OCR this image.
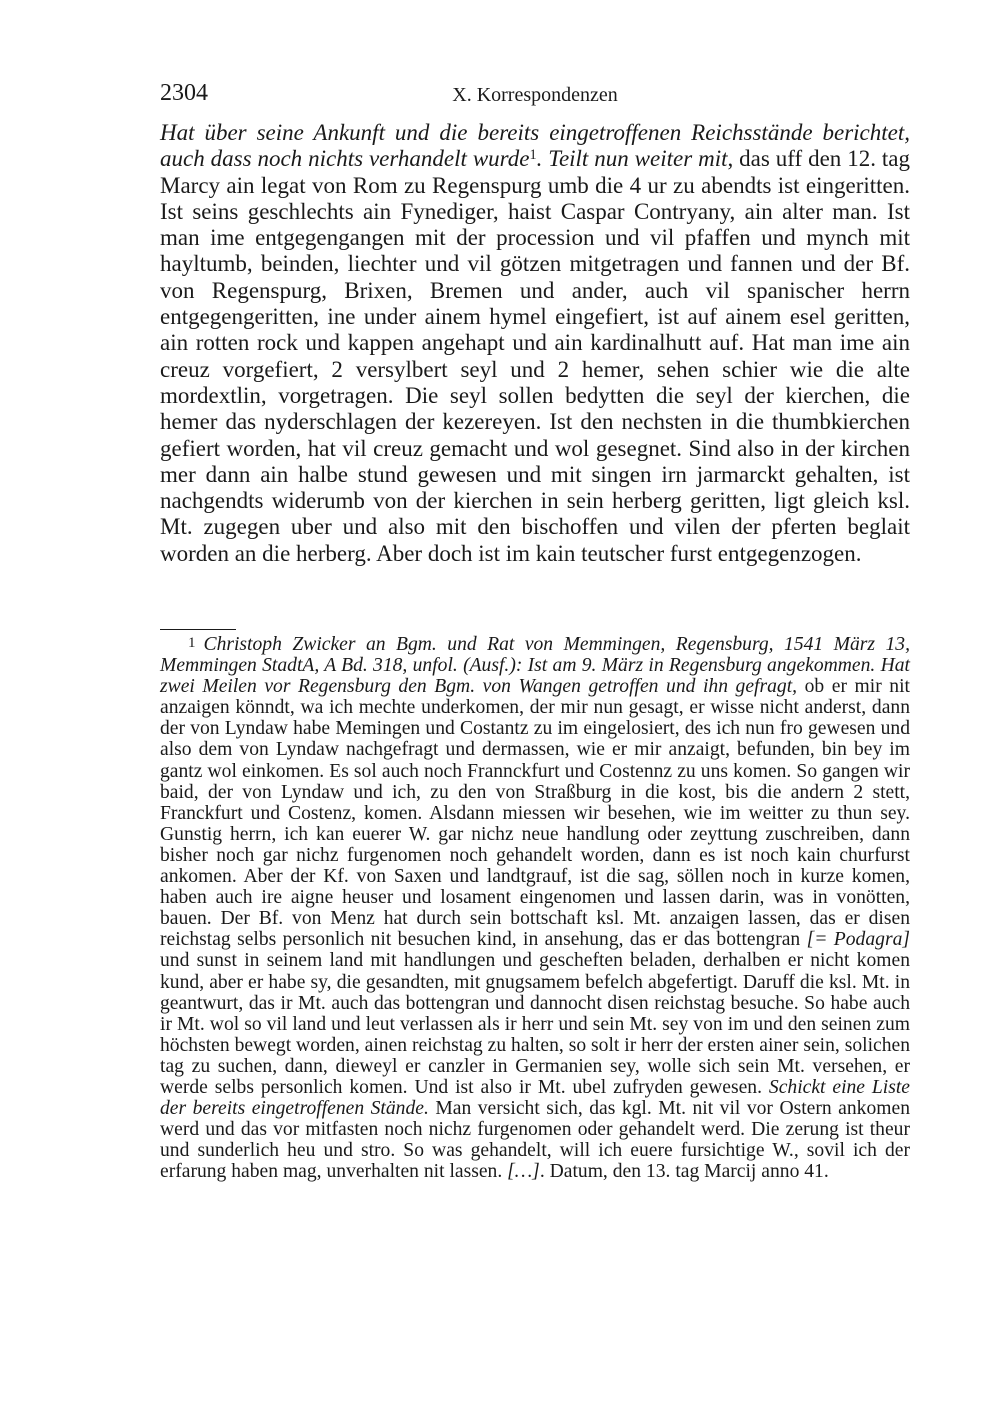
2304	X. Korrespondenzen

Hat über seine Ankunft und die bereits eingetroffenen Reichsstände berichtet, auch dass noch nichts verhandelt wurde$^1$. Teilt nun weiter mit, das uff den 12. tag Marcy ain legat von Rom zu Regenspurg umb die 4 ur zu abendts ist eingeritten. Ist seins geschlechts ain Fynediger, haist Caspar Contryany, ain alter man. Ist man ime entgegengangen mit der procession und vil pfaffen und mynch mit hayltumb, beinden, liechter und vil götzen mitgetragen und fannen und der Bf. von Regenspurg, Brixen, Bremen und ander, auch vil spanischer herrn entgegengeritten, ine under ainem hymel eingefiert, ist auf ainem esel geritten, ain rotten rock und kappen angehapt und ain kardinalhutt auf. Hat man ime ain creuz vorgefiert, 2 versylbert seyl und 2 hemer, sehen schier wie die alte mordextlin, vorgetragen. Die seyl sollen bedytten die seyl der kierchen, die hemer das nyderschlagen der kezereyen. Ist den nechsten in die thumbkierchen gefiert worden, hat vil creuz gemacht und wol gesegnet. Sind also in der kirchen mer dann ain halbe stund gewesen und mit singen irn jarmarckt gehalten, ist nachgendts widerumb von der kierchen in sein herberg geritten, ligt gleich ksl. Mt. zugegen uber und also mit den bischoffen und vilen der pferten beglait worden an die herberg. Aber doch ist im kain teutscher furst entgegenzogen.

1 Christoph Zwicker an Bgm. und Rat von Memmingen, Regensburg, 1541 März 13, Memmingen StadtA, A Bd. 318, unfol. (Ausf.): Ist am 9. März in Regensburg angekommen. Hat zwei Meilen vor Regensburg den Bgm. von Wangen getroffen und ihn gefragt, ob er mir nit anzaigen könndt, wa ich mechte underkomen, der mir nun gesagt, er wisse nicht anderst, dann der von Lyndaw habe Memingen und Costantz zu im eingelosiert, des ich nun fro gewesen und also dem von Lyndaw nachgefragt und dermassen, wie er mir anzaigt, befunden, bin bey im gantz wol einkomen. Es sol auch noch Frannckfurt und Costennz zu uns komen. So gangen wir baid, der von Lyndaw und ich, zu den von Straßburg in die kost, bis die andern 2 stett, Franckfurt und Costenz, komen. Alsdann miessen wir besehen, wie im weitter zu thun sey. Gunstig herrn, ich kan euerer W. gar nichz neue handlung oder zeyttung zuschreiben, dann bisher noch gar nichz furgenomen noch gehandelt worden, dann es ist noch kain churfurst ankomen. Aber der Kf. von Saxen und landtgrauf, ist die sag, söllen noch in kurze komen, haben auch ire aigne heuser und losament eingenomen und lassen darin, was in vonötten, bauen. Der Bf. von Menz hat durch sein bottschaft ksl. Mt. anzaigen lassen, das er disen reichstag selbs personlich nit besuchen kind, in ansehung, das er das bottengran [= Podagra] und sunst in seinem land mit handlungen und gescheften beladen, derhalben er nicht komen kund, aber er habe sy, die gesandten, mit gnugsamem befelch abgefertigt. Daruff die ksl. Mt. in geantwurt, das ir Mt. auch das bottengran und dannocht disen reichstag besuche. So habe auch ir Mt. wol so vil land und leut verlassen als ir herr und sein Mt. sey von im und den seinen zum höchsten bewegt worden, ainen reichstag zu halten, so solt ir herr der ersten ainer sein, solichen tag zu suchen, dann, dieweyl er canzler in Germanien sey, wolle sich sein Mt. versehen, er werde selbs personlich komen. Und ist also ir Mt. ubel zufryden gewesen. Schickt eine Liste der bereits eingetroffenen Stände. Man versicht sich, das kgl. Mt. nit vil vor Ostern ankomen werd und das vor mitfasten noch nichz furgenomen oder gehandelt werd. Die zerung ist theur und sunderlich heu und stro. So was gehandelt, will ich euere fursichtige W., sovil ich der erfarung haben mag, unverhalten nit lassen. […]. Datum, den 13. tag Marcij anno 41.
